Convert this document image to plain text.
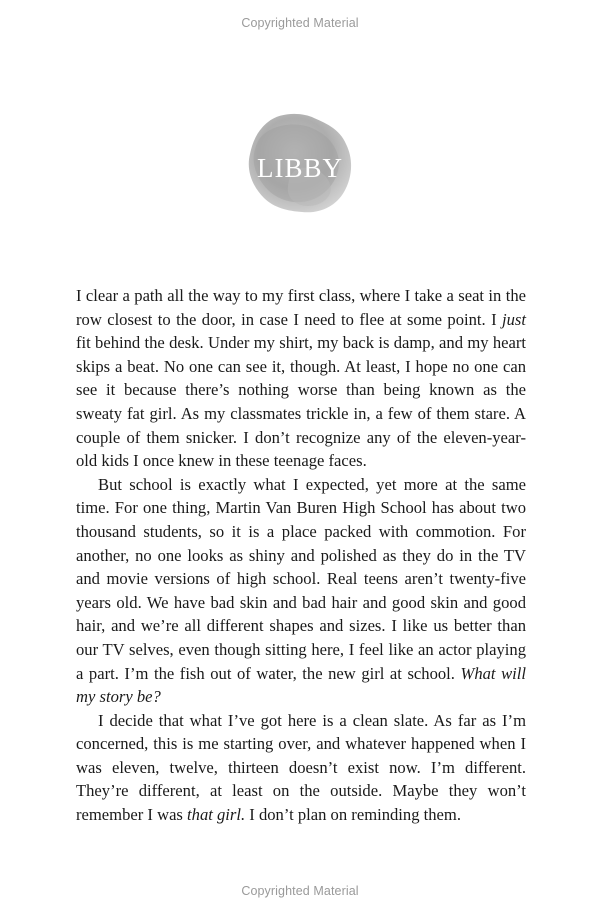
Copyrighted Material
LIBBY

I clear a path all the way to my first class, where I take a seat in the row closest to the door, in case I need to flee at some point. I just fit behind the desk. Under my shirt, my back is damp, and my heart skips a beat. No one can see it, though. At least, I hope no one can see it because there’s nothing worse than being known as the sweaty fat girl. As my classmates trickle in, a few of them stare. A couple of them snicker. I don’t recognize any of the eleven-year-old kids I once knew in these teenage faces.

But school is exactly what I expected, yet more at the same time. For one thing, Martin Van Buren High School has about two thousand students, so it is a place packed with commotion. For another, no one looks as shiny and polished as they do in the TV and movie versions of high school. Real teens aren’t twenty-five years old. We have bad skin and bad hair and good skin and good hair, and we’re all different shapes and sizes. I like us better than our TV selves, even though sitting here, I feel like an actor playing a part. I’m the fish out of water, the new girl at school. What will my story be?

I decide that what I’ve got here is a clean slate. As far as I’m concerned, this is me starting over, and whatever happened when I was eleven, twelve, thirteen doesn’t exist now. I’m different. They’re different, at least on the outside. Maybe they won’t remember I was that girl. I don’t plan on reminding them.

Copyrighted Material
